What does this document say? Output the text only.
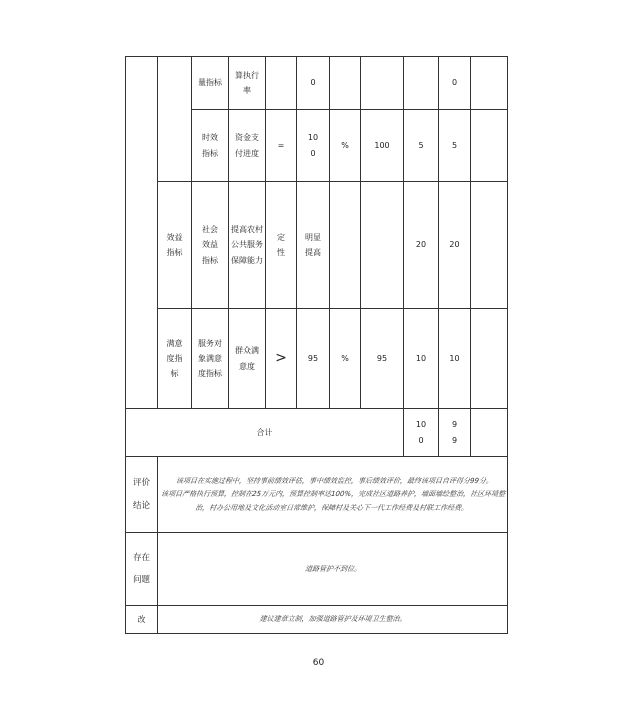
		量指标	算执行率		0				0	

		时效指标	资金支付进度	=	100	%	100	5	5	

	效益指标	社会效益指标	提高农村公共服务保障能力	定性	明显提高			20	20	

	满意度指标	服务对象满意度指标	群众满意度	>	95	%	95	10	10	

合计								100	99	

评价结论	该项目在实施过程中，坚持事前绩效评估，事中绩效监控，事后绩效评价，最终该项目自评得分99分。
该项目严格执行预算，控制在25万元内，预算控制率达100%，完成社区道路养护，墙面墙绘整治，社区环境整治，村办公用地及文化活动室日常维护，保障村及关心下一代工作经费及村联工作经费。									

存在问题	道路管护不到位。									
改	建议建章立制，加强道路管护及环境卫生整治。									
60
